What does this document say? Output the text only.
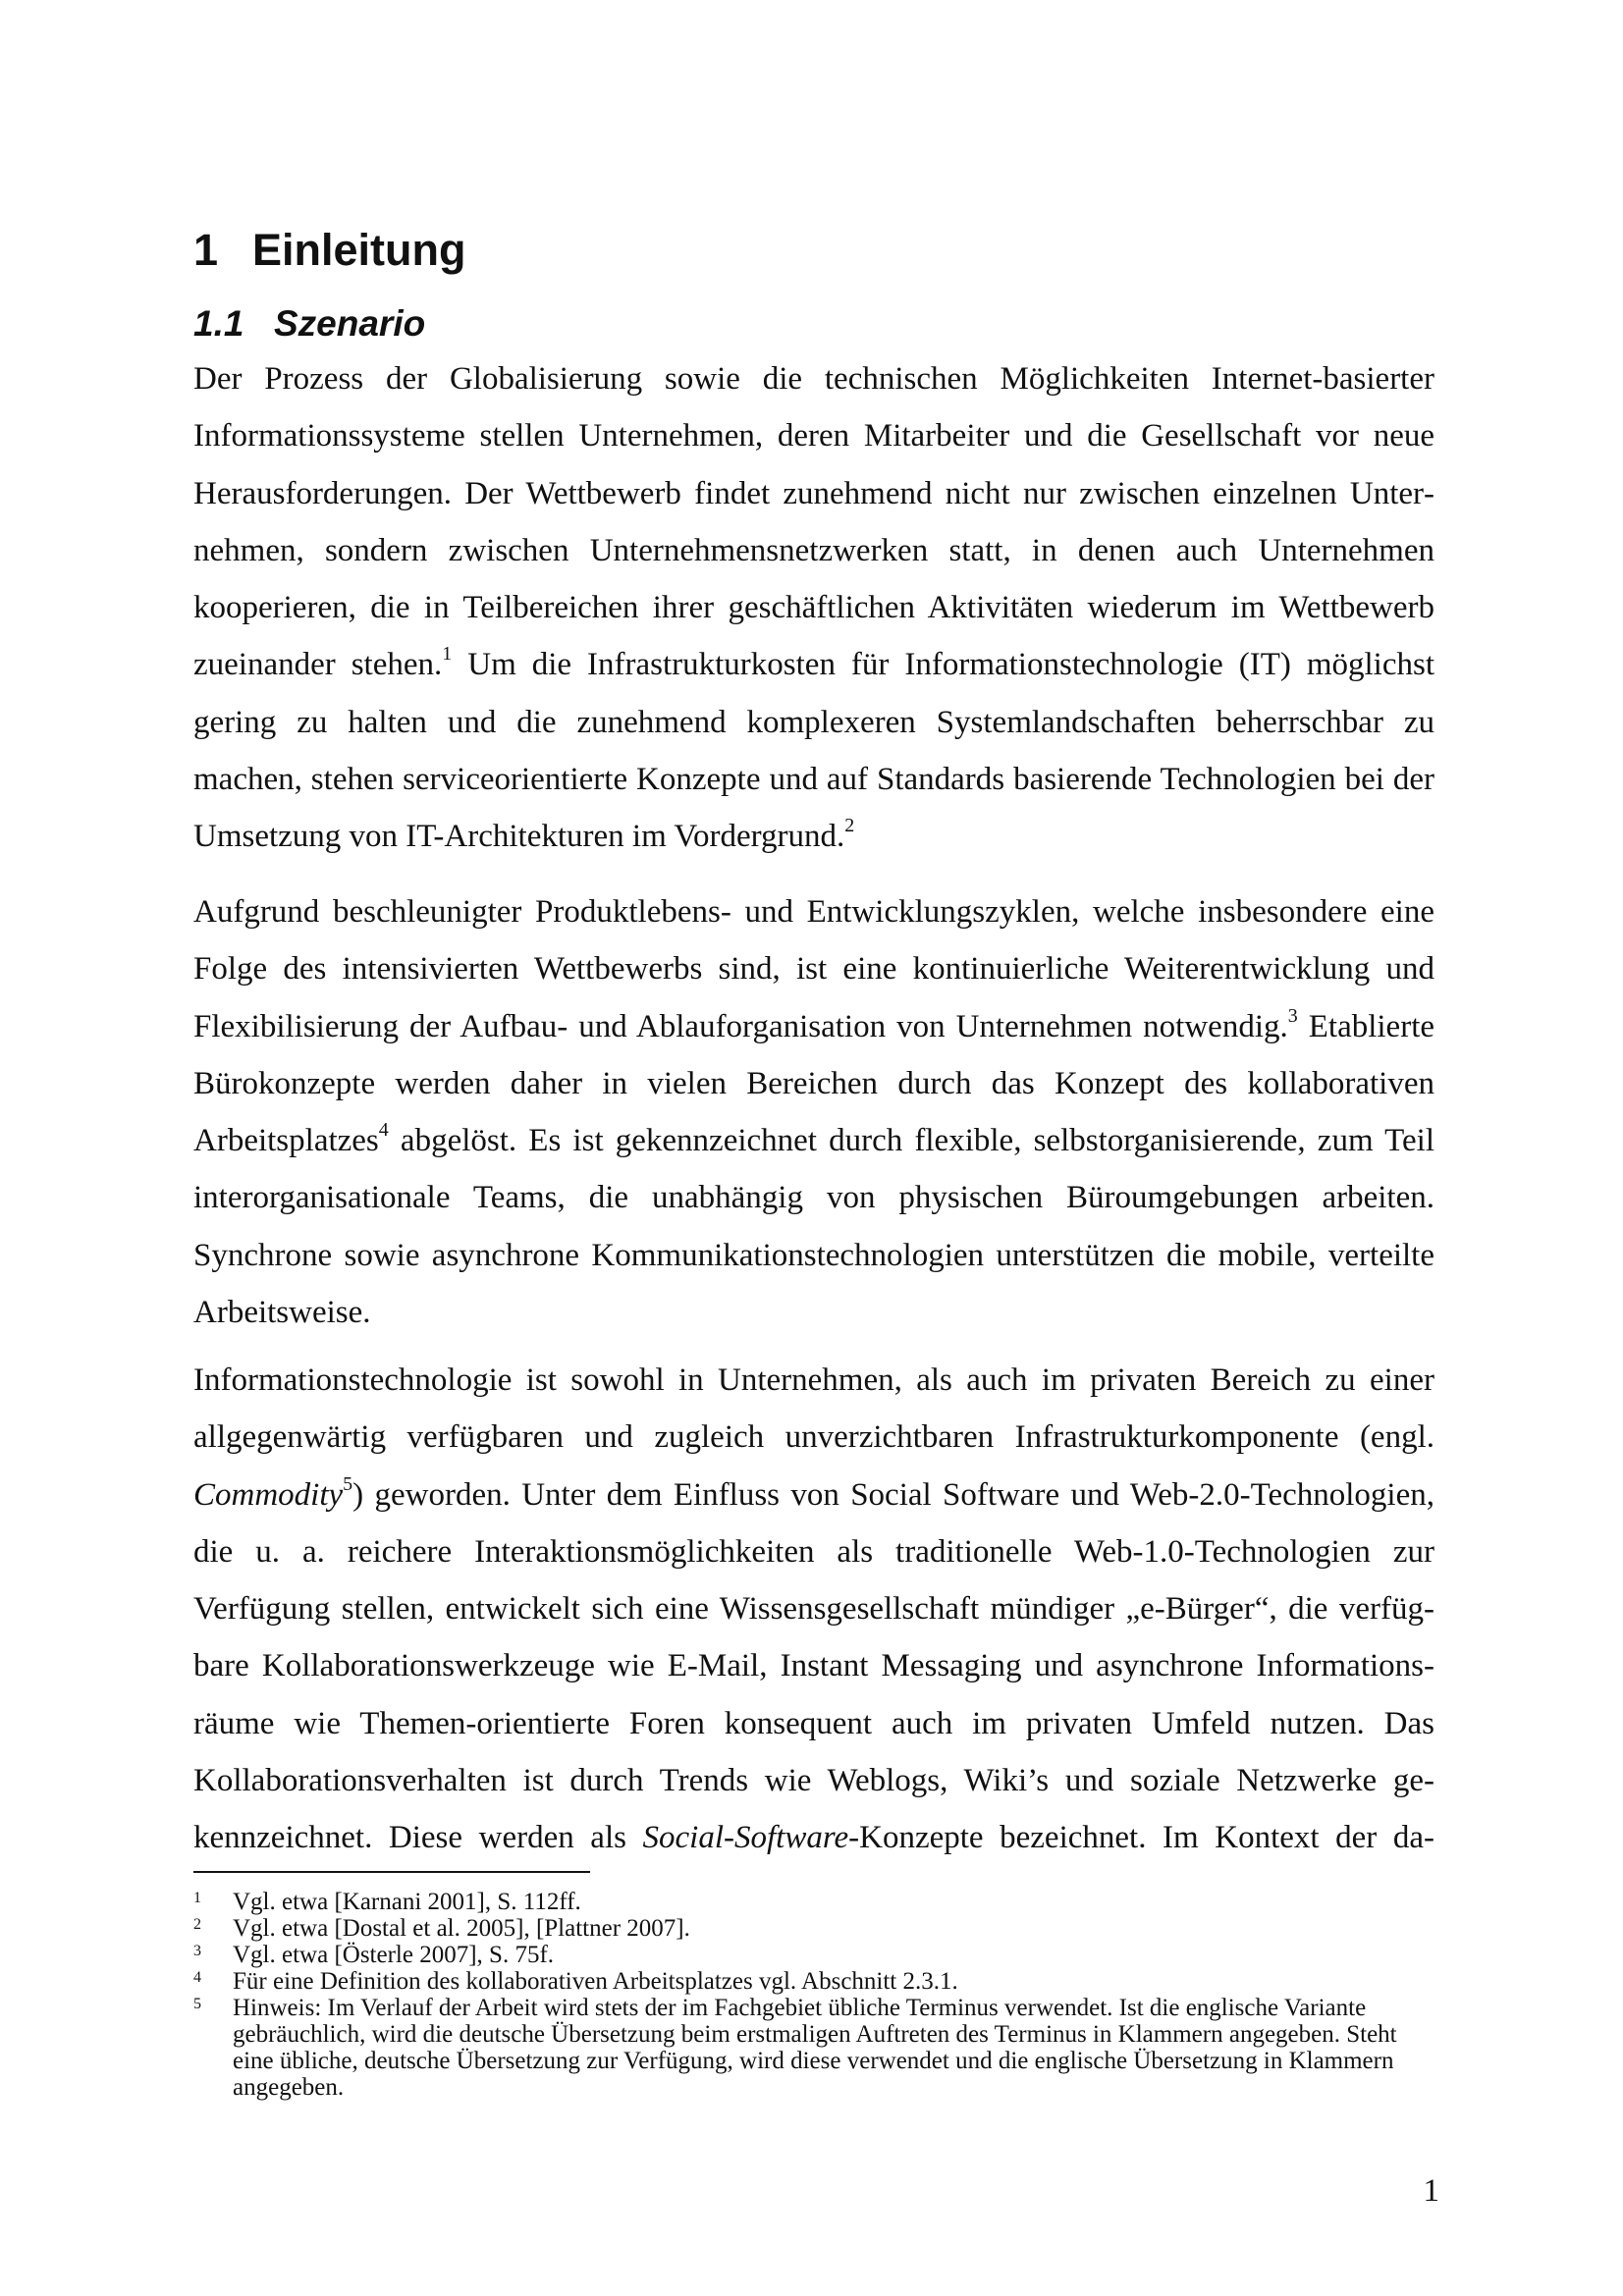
1 Einleitung
1.1 Szenario

Der Prozess der Globalisierung sowie die technischen Möglichkeiten Internet-basierter Informationssysteme stellen Unternehmen, deren Mitarbeiter und die Gesellschaft vor neue Herausforderungen. Der Wettbewerb findet zunehmend nicht nur zwischen einzelnen Unternehmen, sondern zwischen Unternehmensnetzwerken statt, in denen auch Unternehmen kooperieren, die in Teilbereichen ihrer geschäftlichen Aktivitäten wiederum im Wettbewerb zueinander stehen.$^1$ Um die Infrastrukturkosten für Informationstechnologie (IT) möglichst gering zu halten und die zunehmend komplexeren Systemlandschaften beherrschbar zu machen, stehen serviceorientierte Konzepte und auf Standards basierende Technologien bei der Umsetzung von IT-Architekturen im Vordergrund.$^2$

Aufgrund beschleunigter Produktlebens- und Entwicklungszyklen, welche insbesondere eine Folge des intensivierten Wettbewerbs sind, ist eine kontinuierliche Weiterentwicklung und Flexibilisierung der Aufbau- und Ablauforganisation von Unternehmen notwendig.$^3$ Etablierte Bürokonzepte werden daher in vielen Bereichen durch das Konzept des kollaborativen Arbeitsplatzes$^4$ abgelöst. Es ist gekennzeichnet durch flexible, selbstorganisierende, zum Teil interorganisationale Teams, die unabhängig von physischen Büroumgebungen arbeiten. Synchrone sowie asynchrone Kommunikationstechnologien unterstützen die mobile, verteilte Arbeitsweise.

Informationstechnologie ist sowohl in Unternehmen, als auch im privaten Bereich zu einer allgegenwärtig verfügbaren und zugleich unverzichtbaren Infrastrukturkomponente (engl. Commodity$^5$) geworden. Unter dem Einfluss von Social Software und Web-2.0-Technologien, die u. a. reichere Interaktionsmöglichkeiten als traditionelle Web-1.0-Technologien zur Verfügung stellen, entwickelt sich eine Wissensgesellschaft mündiger „e-Bürger“, die verfügbare Kollaborationswerkzeuge wie E-Mail, Instant Messaging und asynchrone Informationsräume wie Themen-orientierte Foren konsequent auch im privaten Umfeld nutzen. Das Kollaborationsverhalten ist durch Trends wie Weblogs, Wiki’s und soziale Netzwerke gekennzeichnet. Diese werden als Social-Software-Konzepte bezeichnet. Im Kontext der da-

1	Vgl. etwa [Karnani 2001], S. 112ff.
2	Vgl. etwa [Dostal et al. 2005], [Plattner 2007].
3	Vgl. etwa [Österle 2007], S. 75f.
4	Für eine Definition des kollaborativen Arbeitsplatzes vgl. Abschnitt 2.3.1.
5	Hinweis: Im Verlauf der Arbeit wird stets der im Fachgebiet übliche Terminus verwendet. Ist die englische Variante gebräuchlich, wird die deutsche Übersetzung beim erstmaligen Auftreten des Terminus in Klammern angegeben. Steht eine übliche, deutsche Übersetzung zur Verfügung, wird diese verwendet und die englische Übersetzung in Klammern angegeben.
1
